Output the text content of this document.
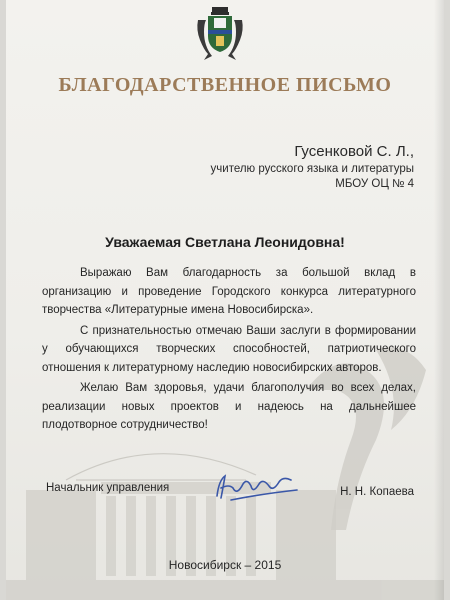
БЛАГОДАРСТВЕННОЕ ПИСЬМО
Гусенковой С. Л.,
учителю русского языка и литературы
МБОУ ОЦ № 4
Уважаемая Светлана Леонидовна!

Выражаю Вам благодарность за большой вклад в организацию и проведение Городского конкурса литературного творчества «Литературные имена Новосибирска».

С признательностью отмечаю Ваши заслуги в формировании у обучающихся творческих способностей, патриотического отношения к литературному наследию новосибирских авторов.

Желаю Вам здоровья, удачи благополучия во всех делах, реализации новых проектов и надеюсь на дальнейшее плодотворное сотрудничество!

Начальник управления	Н. Н. Копаева
Новосибирск – 2015
